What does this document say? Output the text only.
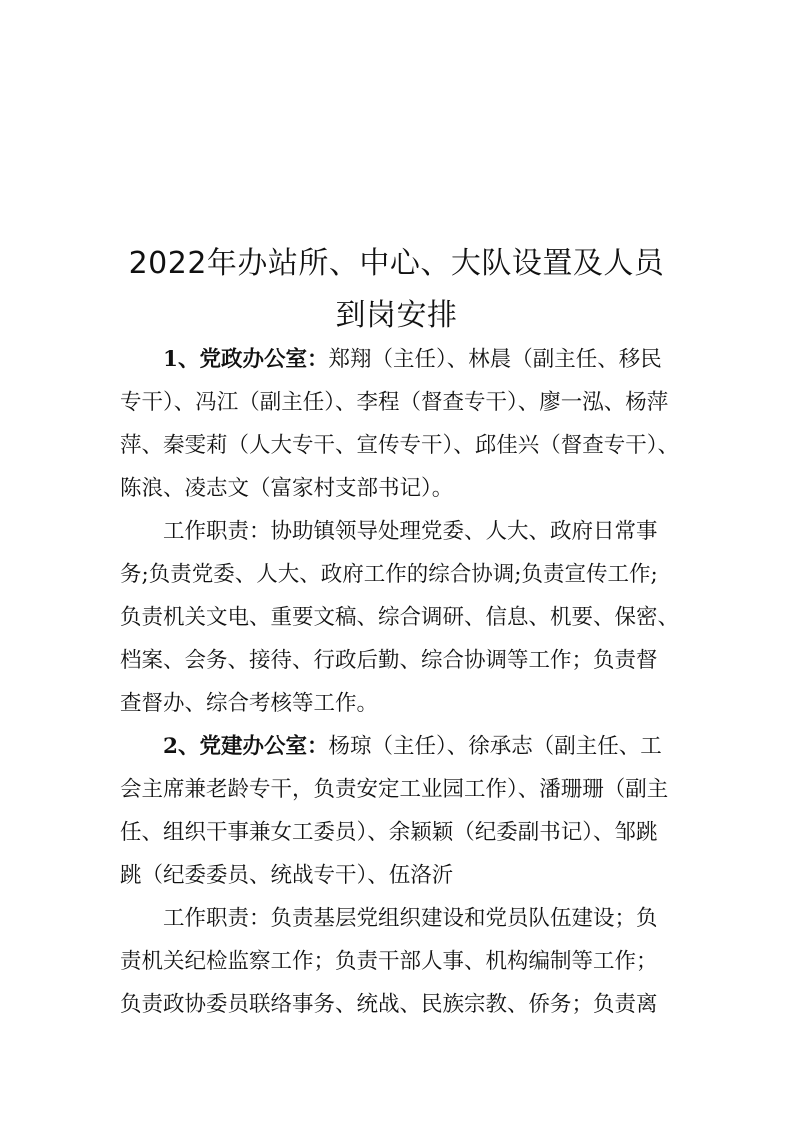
2022年办站所、中心、大队设置及人员
到岗安排
1、党政办公室：郑翔（主任）、林晨（副主任、移民
专干）、冯江（副主任）、李程（督查专干）、廖一泓、杨萍
萍、秦雯莉（人大专干、宣传专干）、邱佳兴（督查专干）、
陈浪、凌志文（富家村支部书记）。
工作职责：协助镇领导处理党委、人大、政府日常事
务;负责党委、人大、政府工作的综合协调;负责宣传工作;
负责机关文电、重要文稿、综合调研、信息、机要、保密、
档案、会务、接待、行政后勤、综合协调等工作；负责督
查督办、综合考核等工作。
2、党建办公室：杨琼（主任）、徐承志（副主任、工
会主席兼老龄专干，负责安定工业园工作）、潘珊珊（副主
任、组织干事兼女工委员）、余颖颖（纪委副书记）、邹跳
跳（纪委委员、统战专干）、伍洛沂
工作职责：负责基层党组织建设和党员队伍建设；负
责机关纪检监察工作；负责干部人事、机构编制等工作；
负责政协委员联络事务、统战、民族宗教、侨务；负责离
